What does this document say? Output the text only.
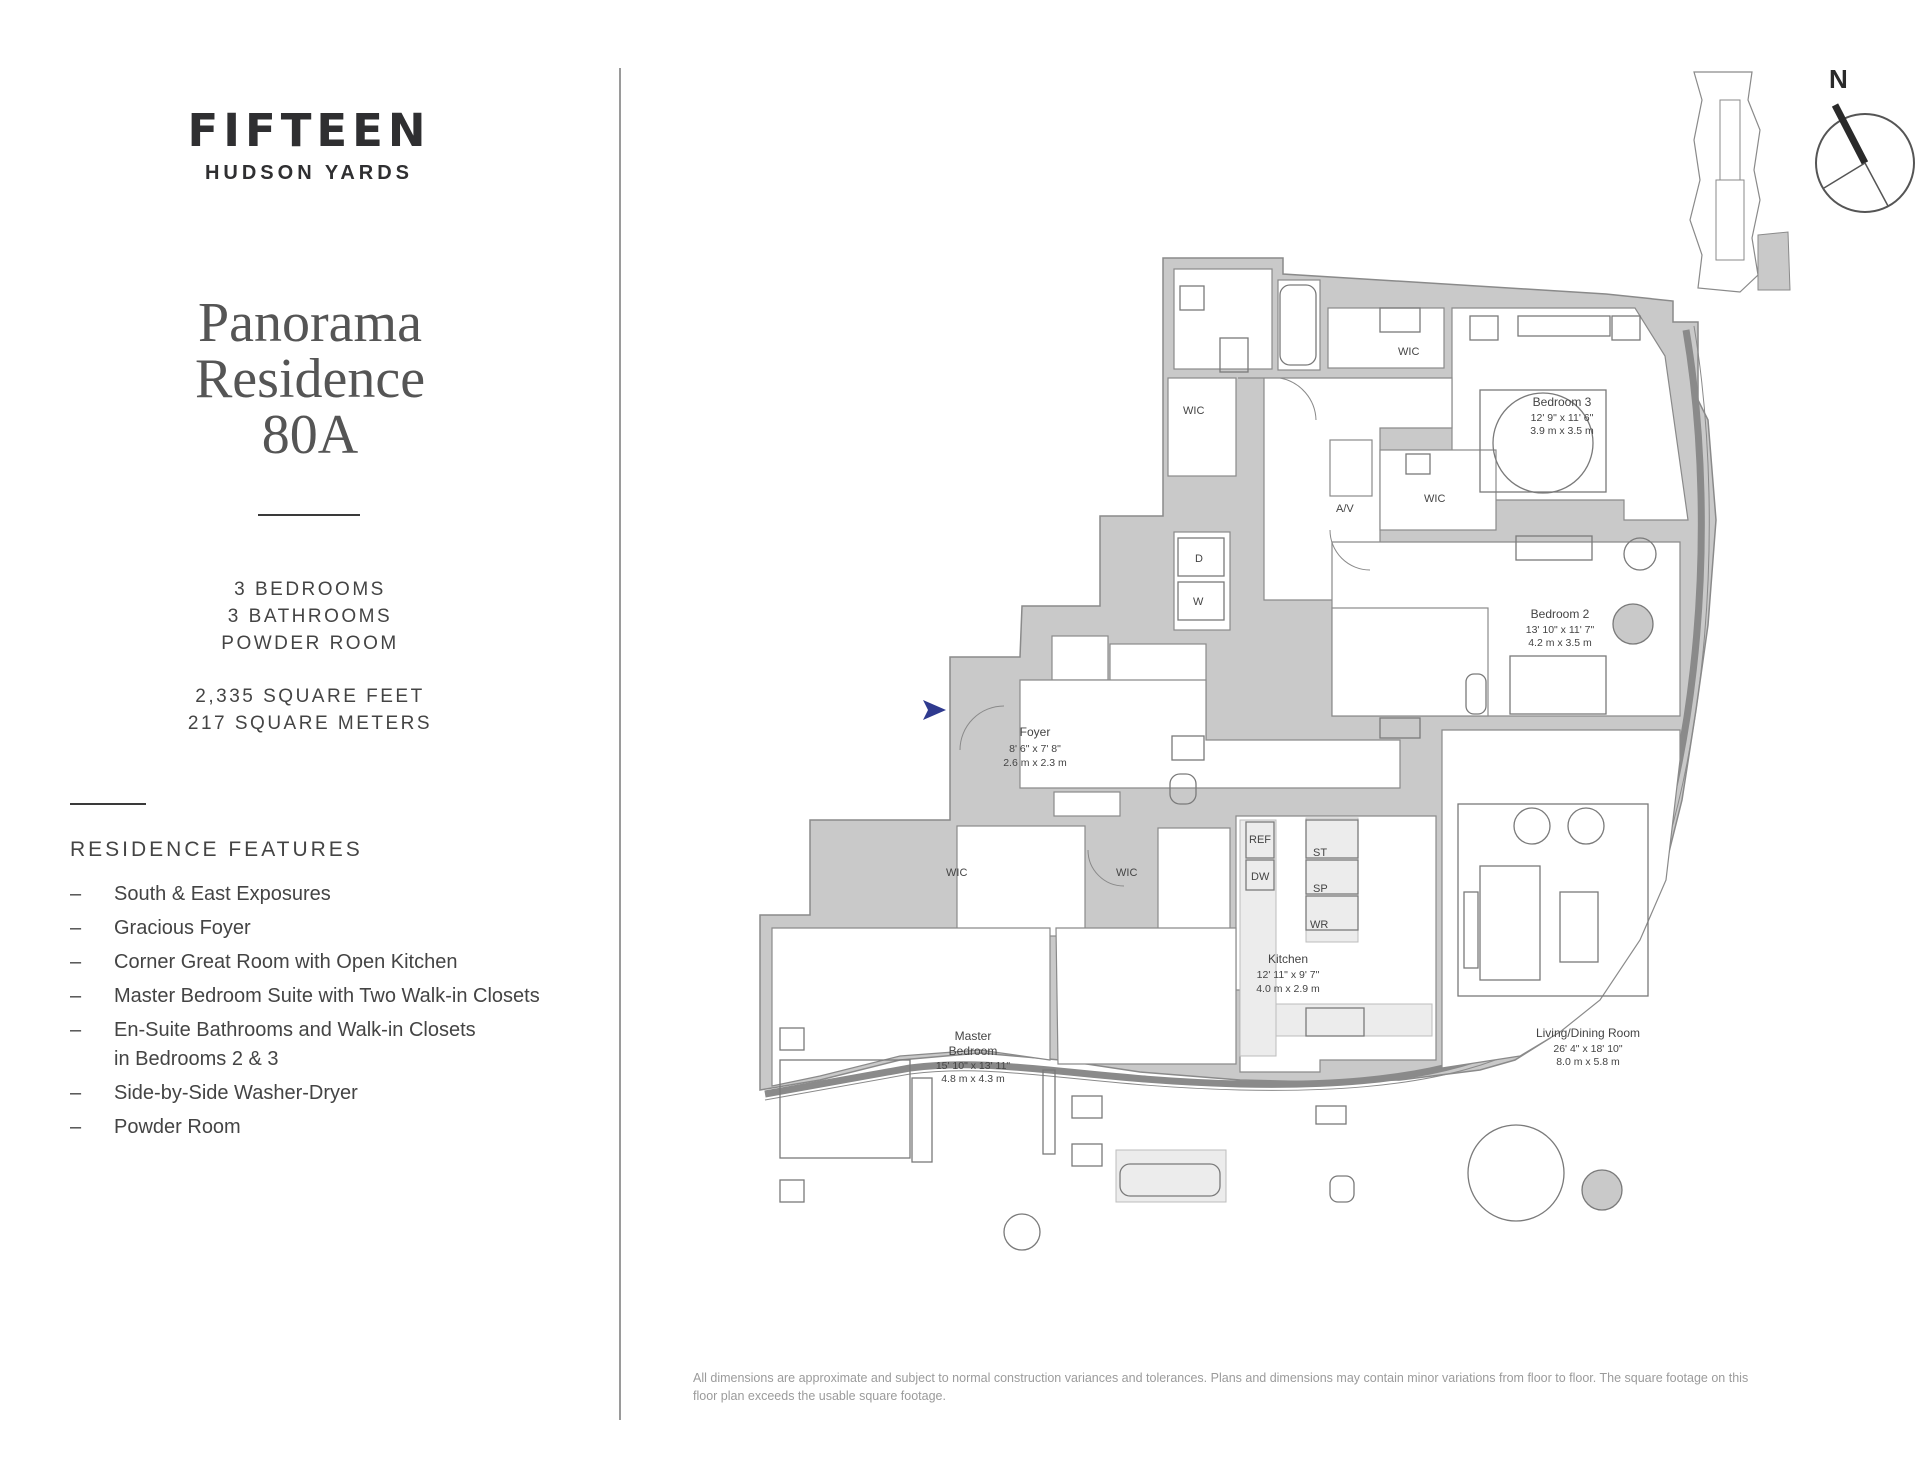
FIFTEEN
HUDSON YARDS
Panorama
Residence
80A
3 BEDROOMS
3 BATHROOMS
POWDER ROOM
2,335 SQUARE FEET
217 SQUARE METERS
RESIDENCE FEATURES
– South & East Exposures
– Gracious Foyer
– Corner Great Room with Open Kitchen
– Master Bedroom Suite with Two Walk-in Closets
– En-Suite Bathrooms and Walk-in Closets
in Bedrooms 2 & 3
– Side-by-Side Washer-Dryer
– Powder Room
N
WIC
WIC
A/V
WIC
D
W
WIC	WIC
REF
DW
ST
SP
WR
Foyer
8' 6" x 7' 8"
2.6 m x 2.3 m
Bedroom 3
12' 9" x 11' 6"
3.9 m x 3.5 m
Bedroom 2
13' 10" x 11' 7"
4.2 m x 3.5 m
Master
Bedroom
15' 10" x 13' 11"
4.8 m x 4.3 m
Kitchen
12' 11" x 9' 7"
4.0 m x 2.9 m
Living/Dining Room
26' 4" x 18' 10"
8.0 m x 5.8 m
All dimensions are approximate and subject to normal construction variances and tolerances. Plans and dimensions may contain minor variations from floor to floor. The square footage on this
floor plan exceeds the usable square footage.
